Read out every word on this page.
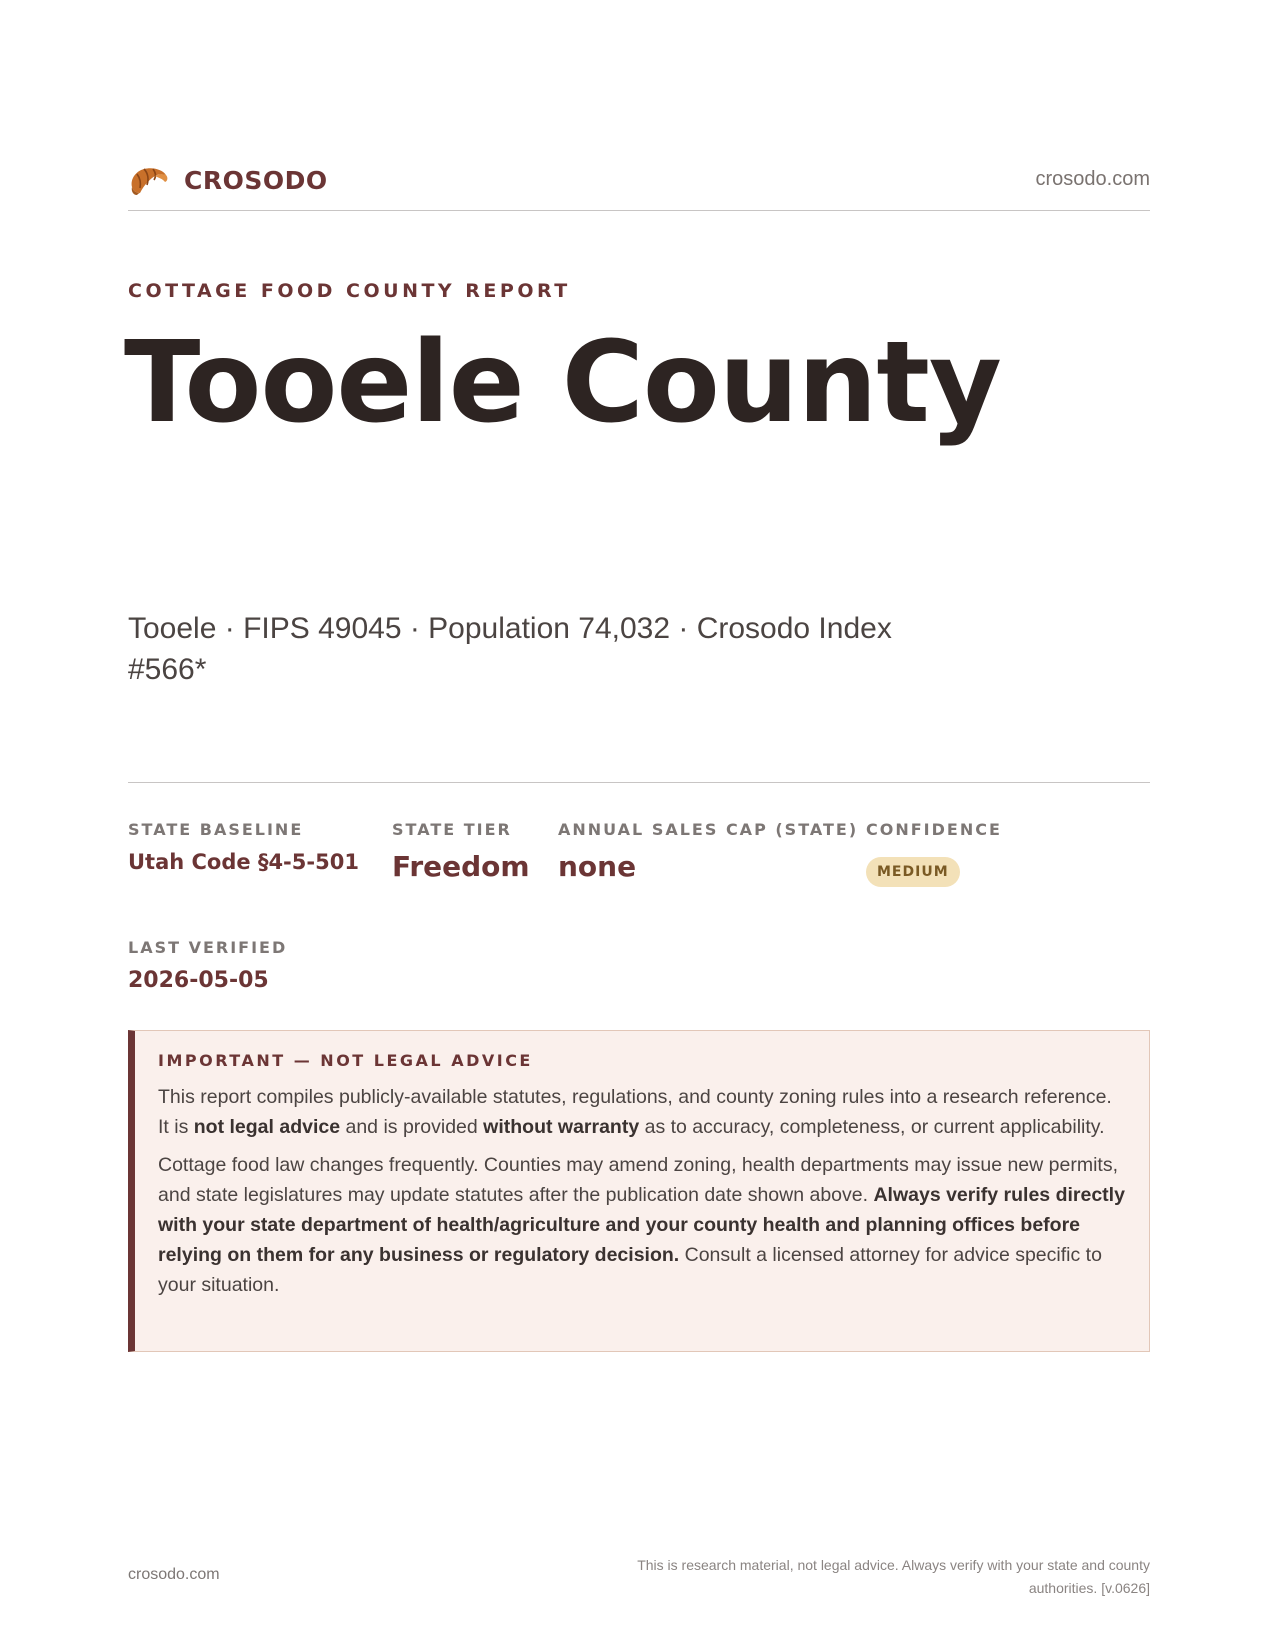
CROSODO	crosodo.com
COTTAGE FOOD COUNTY REPORT
Tooele County
Tooele · FIPS 49045 · Population 74,032 · Crosodo Index #566*
STATE BASELINE
Utah Code §4-5-501
STATE TIER
Freedom
ANNUAL SALES CAP (STATE)
none
CONFIDENCE
MEDIUM
LAST VERIFIED
2026-05-05
IMPORTANT — NOT LEGAL ADVICE

This report compiles publicly-available statutes, regulations, and county zoning rules into a research reference. It is not legal advice and is provided without warranty as to accuracy, completeness, or current applicability.

Cottage food law changes frequently. Counties may amend zoning, health departments may issue new permits, and state legislatures may update statutes after the publication date shown above. Always verify rules directly with your state department of health/agriculture and your county health and planning offices before relying on them for any business or regulatory decision. Consult a licensed attorney for advice specific to your situation.

crosodo.com
This is research material, not legal advice. Always verify with your state and county authorities. [v.0626]
